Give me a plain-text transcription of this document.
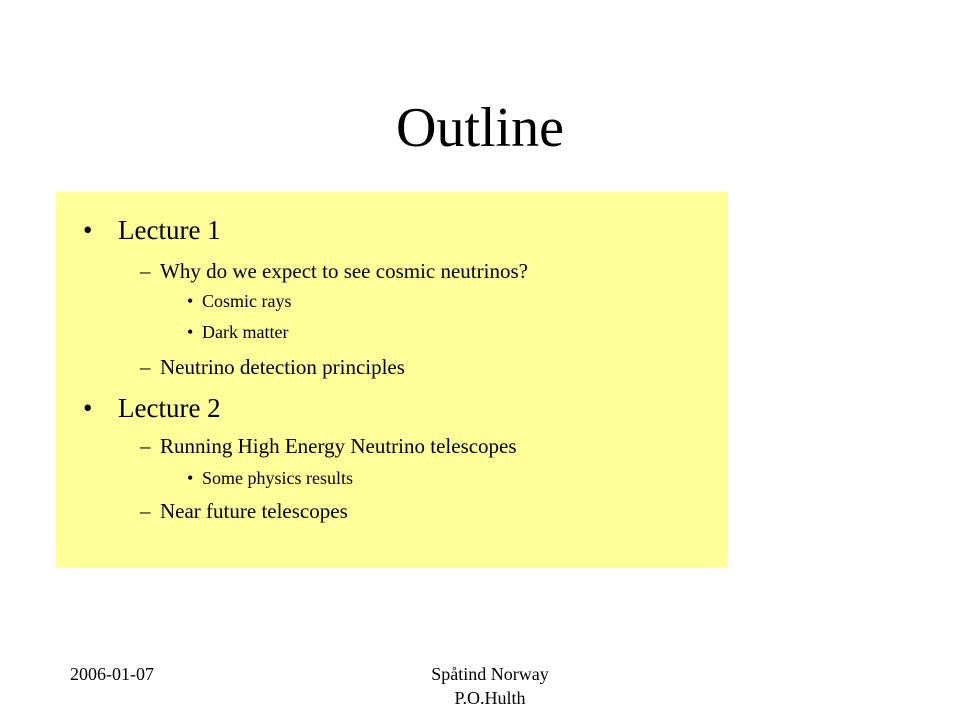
Outline
• Lecture 1
– Why do we expect to see cosmic neutrinos?
• Cosmic rays
• Dark matter
– Neutrino detection principles
• Lecture 2
– Running High Energy Neutrino telescopes
• Some physics results
– Near future telescopes
2006-01-07	Spåtind Norway
P.O.Hulth
